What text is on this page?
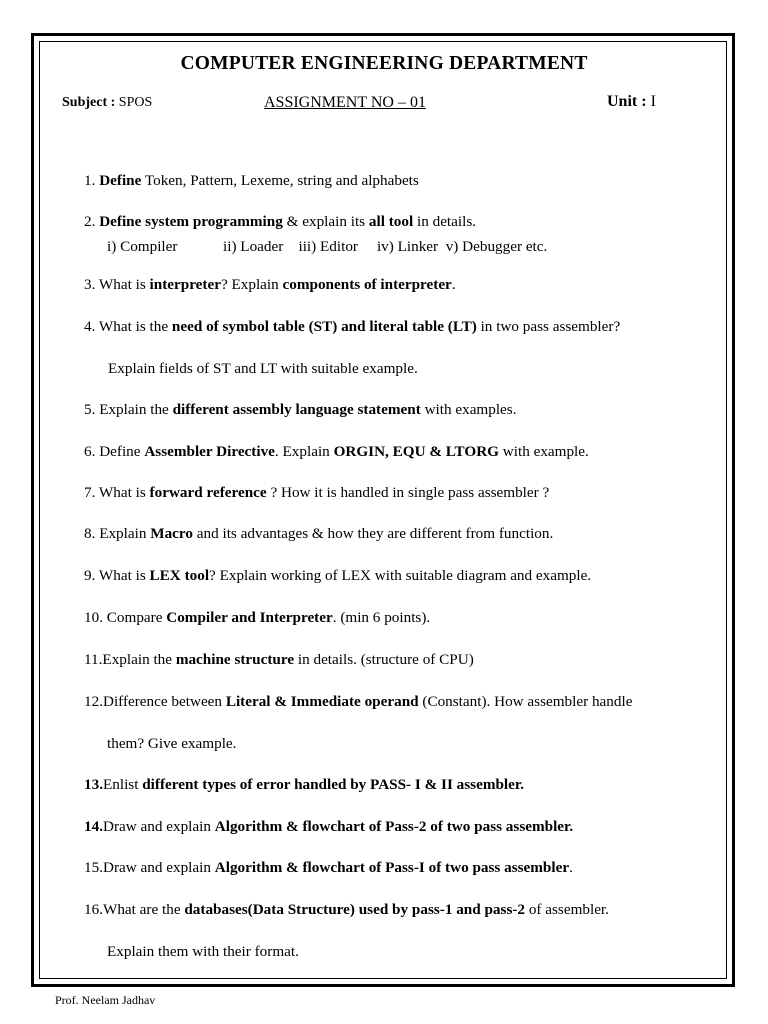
COMPUTER ENGINEERING DEPARTMENT
Subject : SPOS	ASSIGNMENT NO – 01	Unit : I
1. Define Token, Pattern, Lexeme, string and alphabets
2. Define system programming & explain its all tool in details.
i) Compiler            ii) Loader    iii) Editor     iv) Linker  v) Debugger etc.
3. What is interpreter? Explain components of interpreter.
4. What is the need of symbol table (ST) and literal table (LT) in two pass assembler?
Explain fields of ST and LT with suitable example.
5. Explain the different assembly language statement with examples.
6. Define Assembler Directive. Explain ORGIN, EQU & LTORG with example.
7. What is forward reference ? How it is handled in single pass assembler ?
8. Explain Macro and its advantages & how they are different from function.
9. What is LEX tool? Explain working of LEX with suitable diagram and example.
10. Compare Compiler and Interpreter. (min 6 points).
11.Explain the machine structure in details. (structure of CPU)
12.Difference between Literal & Immediate operand (Constant). How assembler handle
them? Give example.
13.Enlist different types of error handled by PASS- I & II assembler.
14.Draw and explain Algorithm & flowchart of Pass-2 of two pass assembler.
15.Draw and explain Algorithm & flowchart of Pass-I of two pass assembler.
16.What are the databases(Data Structure) used by pass-1 and pass-2 of assembler.
Explain them with their format.
Prof. Neelam Jadhav
